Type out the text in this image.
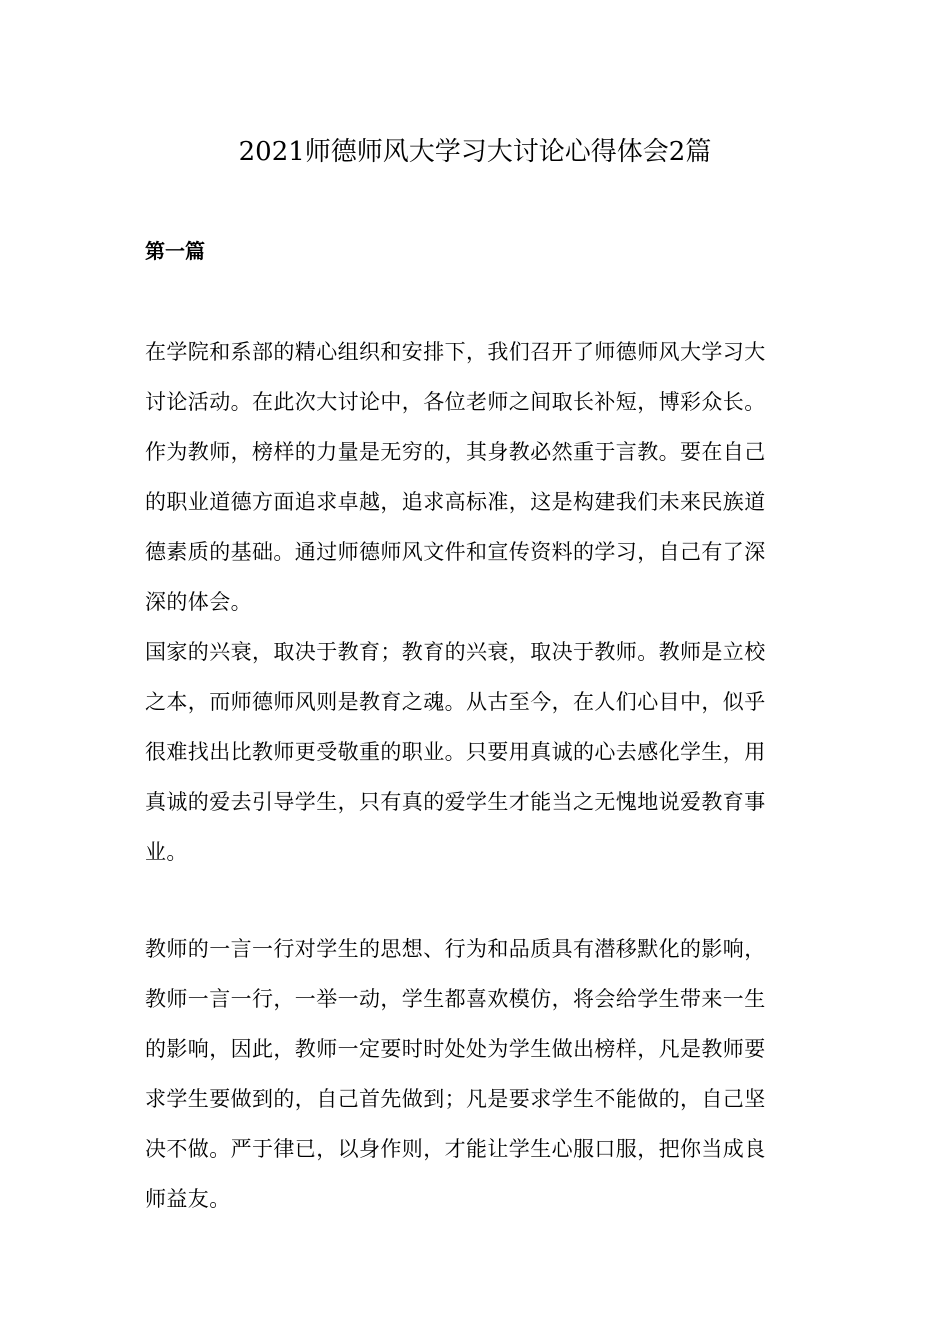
2021师德师风大学习大讨论心得体会2篇
第一篇
在学院和系部的精心组织和安排下，我们召开了师德师风大学习大
讨论活动。在此次大讨论中，各位老师之间取长补短，博彩众长。
作为教师，榜样的力量是无穷的，其身教必然重于言教。要在自己
的职业道德方面追求卓越，追求高标准，这是构建我们未来民族道
德素质的基础。通过师德师风文件和宣传资料的学习，自己有了深
深的体会。
国家的兴衰，取决于教育；教育的兴衰，取决于教师。教师是立校
之本，而师德师风则是教育之魂。从古至今，在人们心目中，似乎
很难找出比教师更受敬重的职业。只要用真诚的心去感化学生，用
真诚的爱去引导学生，只有真的爱学生才能当之无愧地说爱教育事
业。
教师的一言一行对学生的思想、行为和品质具有潜移默化的影响，
教师一言一行，一举一动，学生都喜欢模仿，将会给学生带来一生
的影响，因此，教师一定要时时处处为学生做出榜样，凡是教师要
求学生要做到的，自己首先做到；凡是要求学生不能做的，自己坚
决不做。严于律已，以身作则，才能让学生心服口服，把你当成良
师益友。
